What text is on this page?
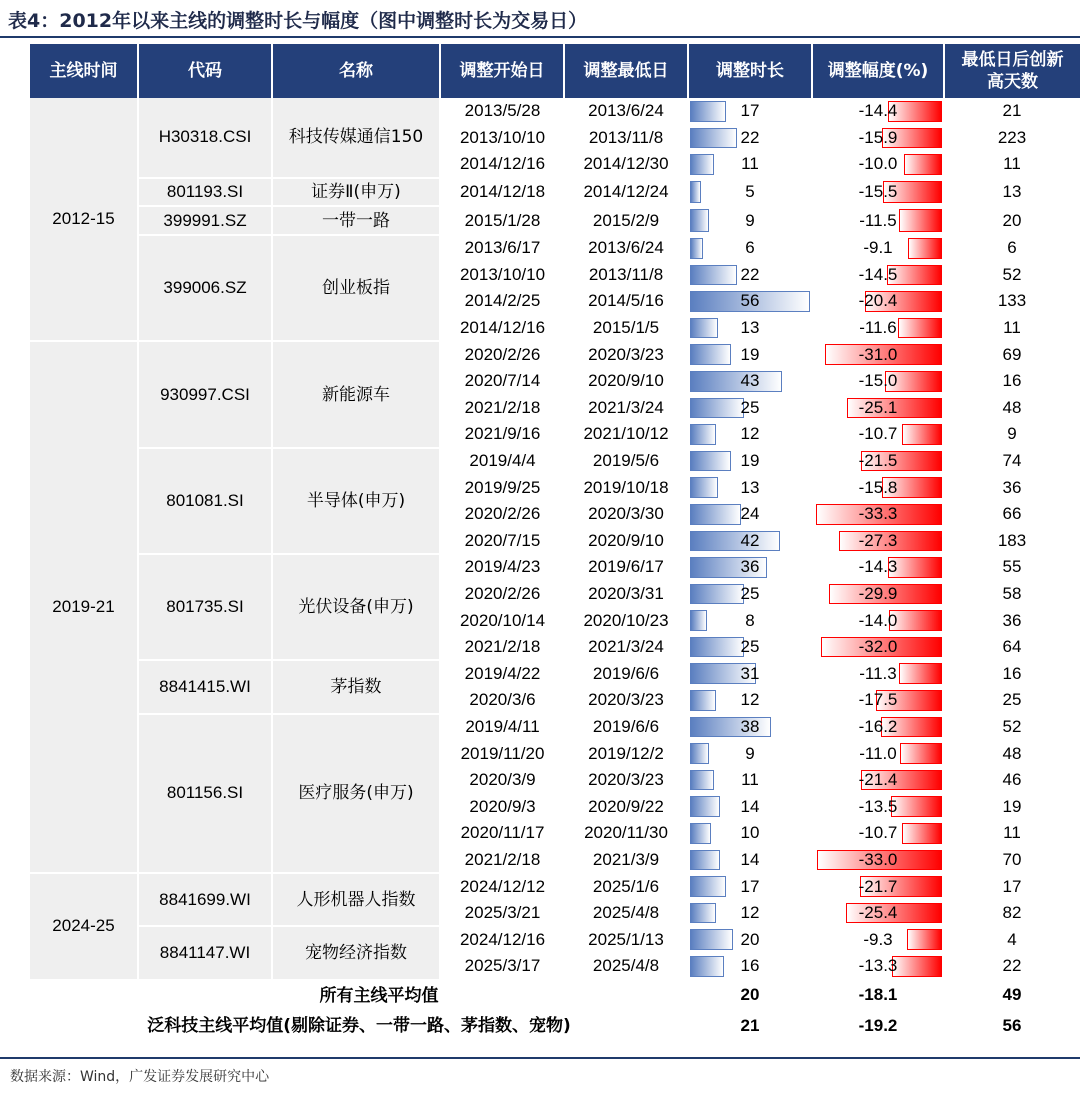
表4：2012年以来主线的调整时长与幅度（图中调整时长为交易日）
主线时间	代码	名称	调整开始日	调整最低日	调整时长	调整幅度(%)	最低日后创新高天数
2012-15	H30318.CSI	科技传媒通信150	2013/5/28	2013/6/24	17	-14.4	21
			2013/10/10	2013/11/8	22	-15.9	223
			2014/12/16	2014/12/30	11	-10.0	11
	801193.SI	证券Ⅱ(申万)	2014/12/18	2014/12/24	5	-15.5	13
	399991.SZ	一带一路	2015/1/28	2015/2/9	9	-11.5	20
	399006.SZ	创业板指	2013/6/17	2013/6/24	6	-9.1	6
			2013/10/10	2013/11/8	22	-14.5	52
			2014/2/25	2014/5/16	56	-20.4	133
			2014/12/16	2015/1/5	13	-11.6	11
2019-21	930997.CSI	新能源车	2020/2/26	2020/3/23	19	-31.0	69
			2020/7/14	2020/9/10	43	-15.0	16
			2021/2/18	2021/3/24	25	-25.1	48
			2021/9/16	2021/10/12	12	-10.7	9
	801081.SI	半导体(申万)	2019/4/4	2019/5/6	19	-21.5	74
			2019/9/25	2019/10/18	13	-15.8	36
			2020/2/26	2020/3/30	24	-33.3	66
			2020/7/15	2020/9/10	42	-27.3	183
	801735.SI	光伏设备(申万)	2019/4/23	2019/6/17	36	-14.3	55
			2020/2/26	2020/3/31	25	-29.9	58
			2020/10/14	2020/10/23	8	-14.0	36
			2021/2/18	2021/3/24	25	-32.0	64
	8841415.WI	茅指数	2019/4/22	2019/6/6	31	-11.3	16
			2020/3/6	2020/3/23	12	-17.5	25
	801156.SI	医疗服务(申万)	2019/4/11	2019/6/6	38	-16.2	52
			2019/11/20	2019/12/2	9	-11.0	48
			2020/3/9	2020/3/23	11	-21.4	46
			2020/9/3	2020/9/22	14	-13.5	19
			2020/11/17	2020/11/30	10	-10.7	11
			2021/2/18	2021/3/9	14	-33.0	70
2024-25	8841699.WI	人形机器人指数	2024/12/12	2025/1/6	17	-21.7	17
			2025/3/21	2025/4/8	12	-25.4	82
	8841147.WI	宠物经济指数	2024/12/16	2025/1/13	20	-9.3	4
			2025/3/17	2025/4/8	16	-13.3	22
所有主线平均值					20	-18.1	49
泛科技主线平均值(剔除证券、一带一路、茅指数、宠物)					21	-19.2	56
数据来源：Wind，广发证券发展研究中心
